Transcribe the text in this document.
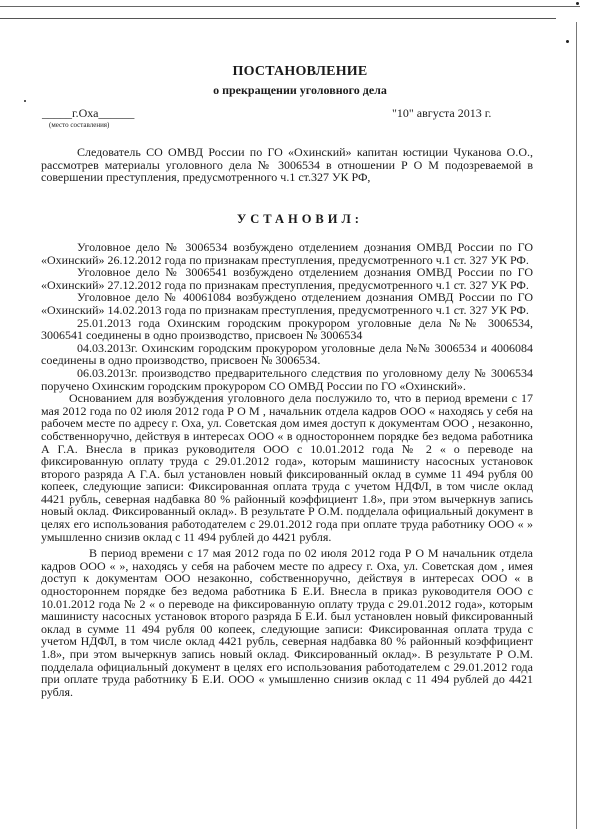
ПОСТАНОВЛЕНИЕ
о прекращении уголовного дела
_____г.Оха______
(место составления)
"10" августа 2013 г.

Следователь СО ОМВД России по ГО «Охинский» капитан юстиции Чуканова О.О., рассмотрев материалы уголовного дела № 3006534 в отношении Р О М подозреваемой в совершении преступления, предусмотренного ч.1 ст.327 УК РФ,

УСТАНОВИЛ:

Уголовное дело № 3006534 возбуждено отделением дознания ОМВД России по ГО «Охинский» 26.12.2012 года по признакам преступления, предусмотренного ч.1 ст. 327 УК РФ.

Уголовное дело № 3006541 возбуждено отделением дознания ОМВД России по ГО «Охинский» 27.12.2012 года по признакам преступления, предусмотренного ч.1 ст. 327 УК РФ.

Уголовное дело № 40061084 возбуждено отделением дознания ОМВД России по ГО «Охинский» 14.02.2013 года по признакам преступления, предусмотренного ч.1 ст. 327 УК РФ.

25.01.2013 года Охинским городским прокурором уголовные дела №№ 3006534, 3006541 соединены в одно производство, присвоен № 3006534

04.03.2013г. Охинским городским прокурором уголовные дела №№ 3006534 и 4006084 соединены в одно производство, присвоен № 3006534.

06.03.2013г. производство предварительного следствия по уголовному делу № 3006534 поручено Охинским городским прокурором СО ОМВД России по ГО «Охинский».

Основанием для возбуждения уголовного дела послужило то, что в период времени с 17 мая 2012 года по 02 июля 2012 года Р О М , начальник отдела кадров ООО « находясь у себя на рабочем месте по адресу г. Оха, ул. Советская дом имея доступ к документам ООО , незаконно, собственноручно, действуя в интересах ООО « в одностороннем порядке без ведома работника А Г.А. Внесла в приказ руководителя ООО с 10.01.2012 года № 2 « о переводе на фиксированную оплату труда с 29.01.2012 года», которым машинисту насосных установок второго разряда А Г.А. был установлен новый фиксированный оклад в сумме 11 494 рубля 00 копеек, следующие записи: Фиксированная оплата труда с учетом НДФЛ, в том числе оклад 4421 рубль, северная надбавка 80 % районный коэффициент 1.8», при этом вычеркнув запись новый оклад. Фиксированный оклад». В результате Р О.М. подделала официальный документ в целях его использования работодателем с 29.01.2012 года при оплате труда работнику ООО « » умышленно снизив оклад с 11 494 рублей до 4421 рубля.

В период времени с 17 мая 2012 года по 02 июля 2012 года Р О М начальник отдела кадров ООО « », находясь у себя на рабочем месте по адресу г. Оха, ул. Советская дом , имея доступ к документам ООО незаконно, собственноручно, действуя в интересах ООО « в одностороннем порядке без ведома работника Б Е.И. Внесла в приказ руководителя ООО с 10.01.2012 года № 2 « о переводе на фиксированную оплату труда с 29.01.2012 года», которым машинисту насосных установок второго разряда Б Е.И. был установлен новый фиксированный оклад в сумме 11 494 рубля 00 копеек, следующие записи: Фиксированная оплата труда с учетом НДФЛ, в том числе оклад 4421 рубль, северная надбавка 80 % районный коэффициент 1.8», при этом вычеркнув запись новый оклад. Фиксированный оклад». В результате Р О.М. подделала официальный документ в целях его использования работодателем с 29.01.2012 года при оплате труда работнику Б Е.И. ООО « умышленно снизив оклад с 11 494 рублей до 4421 рубля.
